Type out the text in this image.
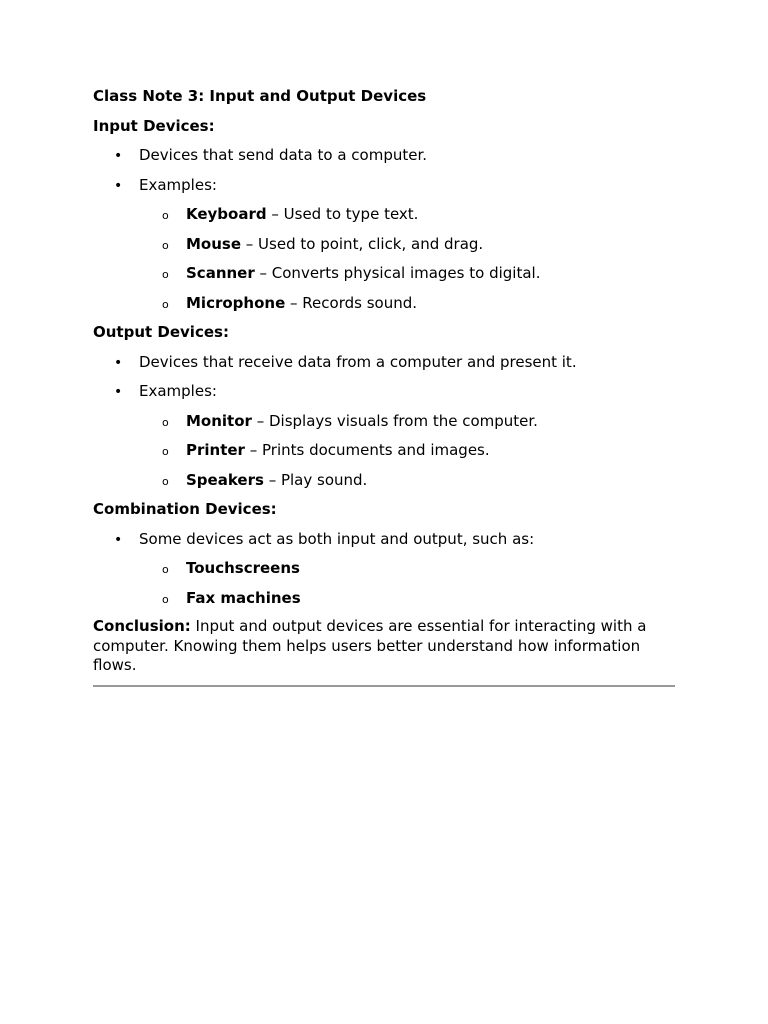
Class Note 3: Input and Output Devices

Input Devices:

• Devices that send data to a computer.
• Examples:
o Keyboard – Used to type text.
o Mouse – Used to point, click, and drag.
o Scanner – Converts physical images to digital.
o Microphone – Records sound.

Output Devices:

• Devices that receive data from a computer and present it.
• Examples:
o Monitor – Displays visuals from the computer.
o Printer – Prints documents and images.
o Speakers – Play sound.

Combination Devices:

• Some devices act as both input and output, such as:
o Touchscreens
o Fax machines

Conclusion: Input and output devices are essential for interacting with a computer. Knowing them helps users better understand how information flows.
